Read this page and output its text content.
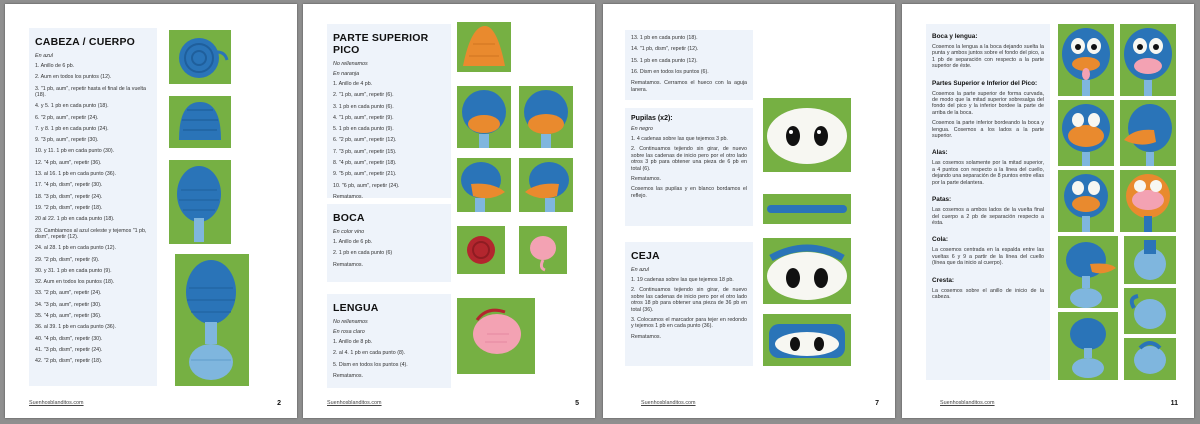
CABEZA / CUERPO
En azul
1. Anillo de 6 pb.
2. Aum en todos los puntos (12).
3. "1 pb, aum", repetir hasta el final de la vuelta (18).
4. y 5. 1 pb en cada punto (18).
6. "2 pb, aum", repetir (24).
7. y 8. 1 pb en cada punto (24).
9. "3 pb, aum", repetir (30).
10. y 11. 1 pb en cada punto (30).
12. "4 pb, aum", repetir (36).
13. al 16. 1 pb en cada punto (36).
17. "4 pb, dism", repetir (30).
18. "3 pb, dism", repetir (24).
19. "2 pb, dism", repetir (18).
20 al 22. 1 pb en cada punto (18).
23. Cambiamos al azul celeste y tejemos "1 pb, dism", repetir (12).
24. al 28. 1 pb en cada punto (12).
29. "2 pb, dism", repetir (9).
30. y 31. 1 pb en cada punto (9).
32. Aum en todos los puntos (18).
33. "2 pb, aum", repetir (24).
34. "3 pb, aum", repetir (30).
35. "4 pb, aum", repetir (36).
36. al 39. 1 pb en cada punto (36).
40. "4 pb, dism", repetir (30).
41. "3 pb, dism", repetir (24).
42. "2 pb, dism", repetir (18).
Suenhosblanditos.com	2
PARTE SUPERIOR PICO
No rellenamos
En naranja
1. Anillo de 4 pb.
2. "1 pb, aum", repetir (6).
3. 1 pb en cada punto (6).
4. "1 pb, aum", repetir (9).
5. 1 pb en cada punto (9).
6. "2 pb, aum", repetir (12).
7. "3 pb, aum", repetir (15).
8. "4 pb, aum", repetir (18).
9. "5 pb, aum", repetir (21).
10. "6 pb, aum", repetir (24).
Rematamos.
BOCA
En color vino
1. Anillo de 6 pb.
2. 1 pb en cada punto (6)
Rematamos.
LENGUA
No rellenamos
En rosa claro
1. Anillo de 8 pb.
2. al 4. 1 pb en cada punto (8).
5. Dism en todos los puntos (4).
Rematamos.
Suenhosblanditos.com	5
13. 1 pb en cada punto (18).
14. "1 pb, dism", repetir (12).
15. 1 pb en cada punto (12).
16. Dism en todos los puntos (6).
Rematamos. Cerramos el hueco con la aguja lanera.
Pupilas (x2):
En negro
1. 4 cadenas sobre las que tejemos 3 pb.
2. Continuamos tejiendo sin girar, de nuevo sobre las cadenas de inicio pero por el otro lado otros 3 pb para obtener una pieza de 6 pb en total (6).
Rematamos.
Cosemos las pupilas y en blanco bordamos el reflejo.
CEJA
En azul
1. 19 cadenas sobre las que tejemos 18 pb.
2. Continuamos tejiendo sin girar, de nuevo sobre las cadenas de inicio pero por el otro lado otros 18 pb para obtener una pieza de 36 pb en total (36).
3. Colocamos el marcador para tejer en redondo y tejemos 1 pb en cada punto (36).
Rematamos.
Suenhosblanditos.com	7
Boca y lengua:
Cosemos la lengua a la boca dejando suelta la punta y ambos juntos sobre el fondo del pico, a 1 pb de separación con respecto a la parte superior de éste.
Partes Superior e Inferior del Pico:
Cosemos la parte superior de forma curvada, de modo que la mitad superior sobresalga del fondo del pico y la inferior bordee la parte de arriba de la boca.
Cosemos la parte inferior bordeando la boca y lengua. Cosemos a los lados a la parte superior.
Alas:
Las cosemos solamente por la mitad superior, a 4 puntos con respecto a la línea del cuello, dejando una separación de 8 puntos entre ellas por la parte delantera.
Patas:
Las cosemos a ambos lados de la vuelta final del cuerpo a 2 pb de separación respecto a ésta.
Cola:
La cosemos centrada en la espalda entre las vueltas 6 y 9 a partir de la línea del cuello (línea que da inicio al cuerpo).
Cresta:
La cosemos sobre el anillo de inicio de la cabeza.
Suenhosblanditos.com	11
